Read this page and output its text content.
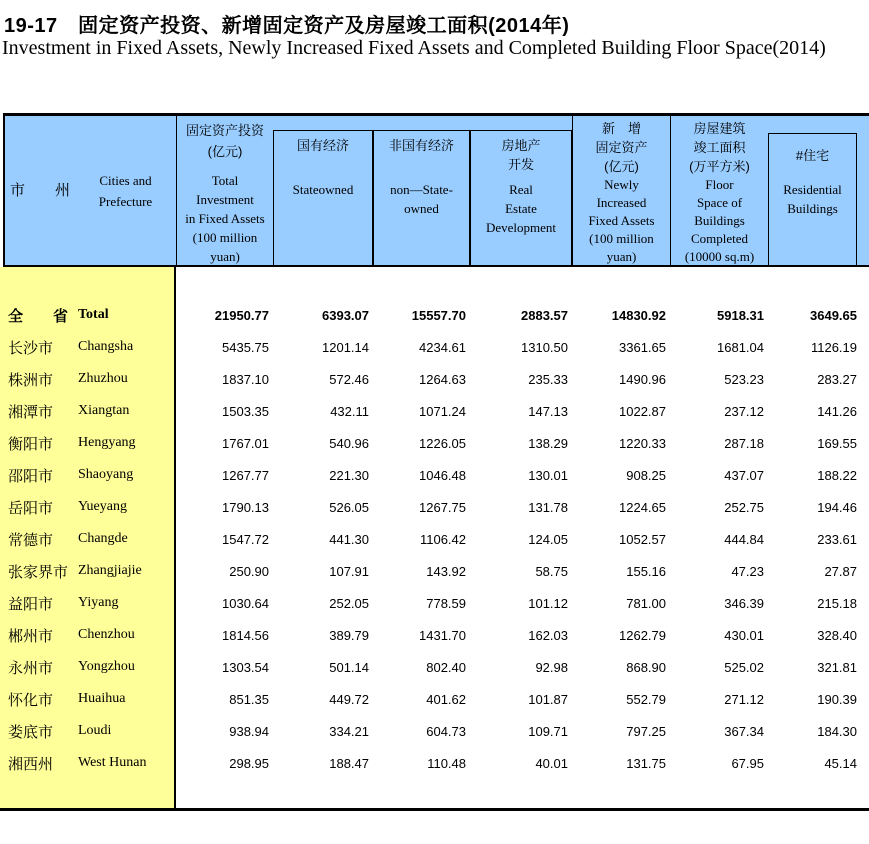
19-17　固定资产投资、新增固定资产及房屋竣工面积(2014年)
Investment in Fixed Assets, Newly Increased Fixed Assets and Completed Building Floor Space(2014)
市　　州
Cities and
Prefecture
固定资产投资
(亿元)
Total
Investment
in Fixed Assets
(100 million
yuan)
国有经济
Stateowned
非国有经济
non—State-
owned
房地产
开发
Real
Estate
Development
新　增
固定资产
(亿元)
Newly
Increased
Fixed Assets
(100 million
yuan)
房屋建筑
竣工面积
(万平方米)
Floor
Space of
Buildings
Completed
(10000 sq.m)
#住宅
Residential
Buildings
全　　省 Total	21950.77	6393.07	15557.70	2883.57	14830.92	5918.31	3649.65
长沙市	Changsha	5435.75	1201.14	4234.61	1310.50	3361.65	1681.04	1126.19
株洲市	Zhuzhou	1837.10	572.46	1264.63	235.33	1490.96	523.23	283.27
湘潭市	Xiangtan	1503.35	432.11	1071.24	147.13	1022.87	237.12	141.26
衡阳市	Hengyang	1767.01	540.96	1226.05	138.29	1220.33	287.18	169.55
邵阳市	Shaoyang	1267.77	221.30	1046.48	130.01	908.25	437.07	188.22
岳阳市	Yueyang	1790.13	526.05	1267.75	131.78	1224.65	252.75	194.46
常德市	Changde	1547.72	441.30	1106.42	124.05	1052.57	444.84	233.61
张家界市 Zhangjiajie	250.90	107.91	143.92	58.75	155.16	47.23	27.87
益阳市	Yiyang	1030.64	252.05	778.59	101.12	781.00	346.39	215.18
郴州市	Chenzhou	1814.56	389.79	1431.70	162.03	1262.79	430.01	328.40
永州市	Yongzhou	1303.54	501.14	802.40	92.98	868.90	525.02	321.81
怀化市	Huaihua	851.35	449.72	401.62	101.87	552.79	271.12	190.39
娄底市	Loudi	938.94	334.21	604.73	109.71	797.25	367.34	184.30
湘西州	West Hunan	298.95	188.47	110.48	40.01	131.75	67.95	45.14
